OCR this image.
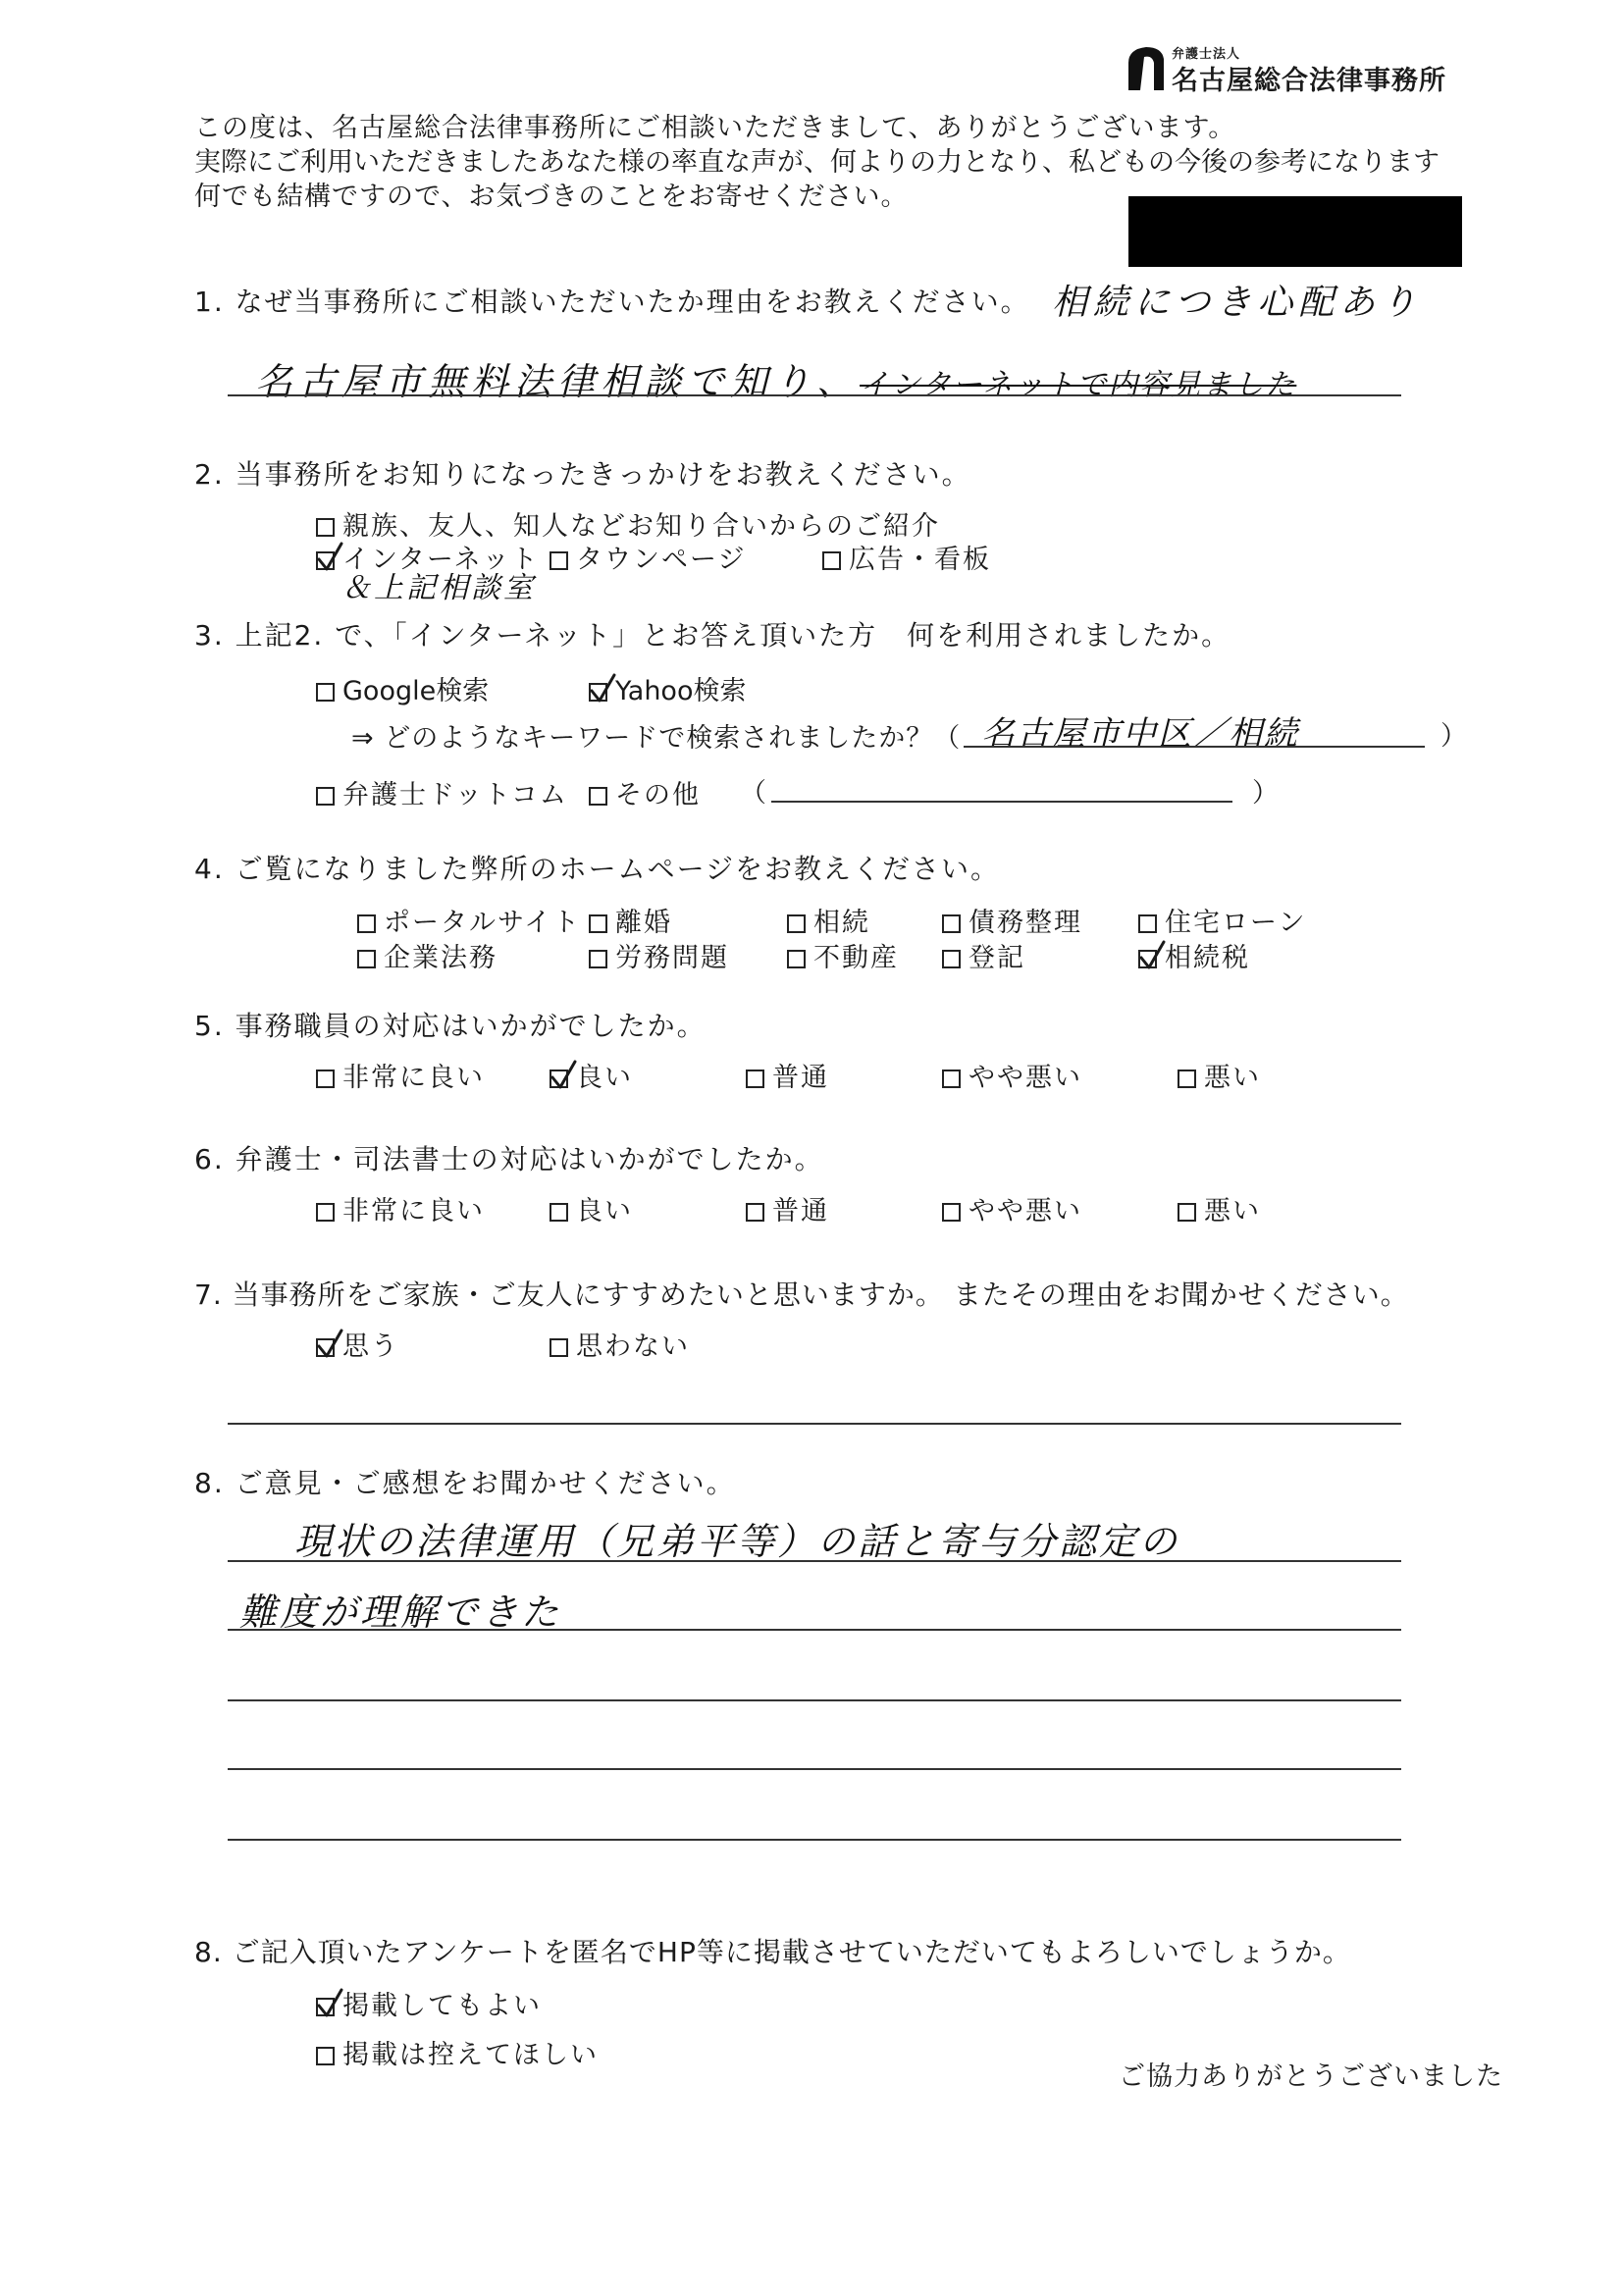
弁護士法人
名古屋総合法律事務所
この度は、名古屋総合法律事務所にご相談いただきまして、ありがとうございます。
実際にご利用いただきましたあなた様の率直な声が、何よりの力となり、私どもの今後の参考になります
何でも結構ですので、お気づきのことをお寄せください。
1. なぜ当事務所にご相談いただいたか理由をお教えください。 相続につき心配あり
名古屋市無料法律相談で知り、インターネットで内容見ました
2. 当事務所をお知りになったきっかけをお教えください。
親族、友人、知人などお知り合いからのご紹介
インターネット	タウンページ	広告・看板
＆上記相談室
3. 上記2. で、「インターネット」とお答え頂いた方　何を利用されましたか。
Google検索	Yahoo検索
⇒ どのようなキーワードで検索されましたか？（ 名古屋市中区／相続	）
弁護士ドットコム	その他 （	）
4. ご覧になりました弊所のホームページをお教えください。
ポータルサイト	離婚	相続	債務整理	住宅ローン
企業法務	労務問題	不動産	登記	相続税
5. 事務職員の対応はいかがでしたか。
非常に良い	良い	普通	やや悪い	悪い
6. 弁護士・司法書士の対応はいかがでしたか。
非常に良い	良い	普通	やや悪い	悪い
7. 当事務所をご家族・ご友人にすすめたいと思いますか。 またその理由をお聞かせください。
思う	思わない
8. ご意見・ご感想をお聞かせください。
現状の法律運用（兄弟平等）の話と寄与分認定の
難度が理解できた
8. ご記入頂いたアンケートを匿名でHP等に掲載させていただいてもよろしいでしょうか。
掲載してもよい
掲載は控えてほしい
ご協力ありがとうございました
